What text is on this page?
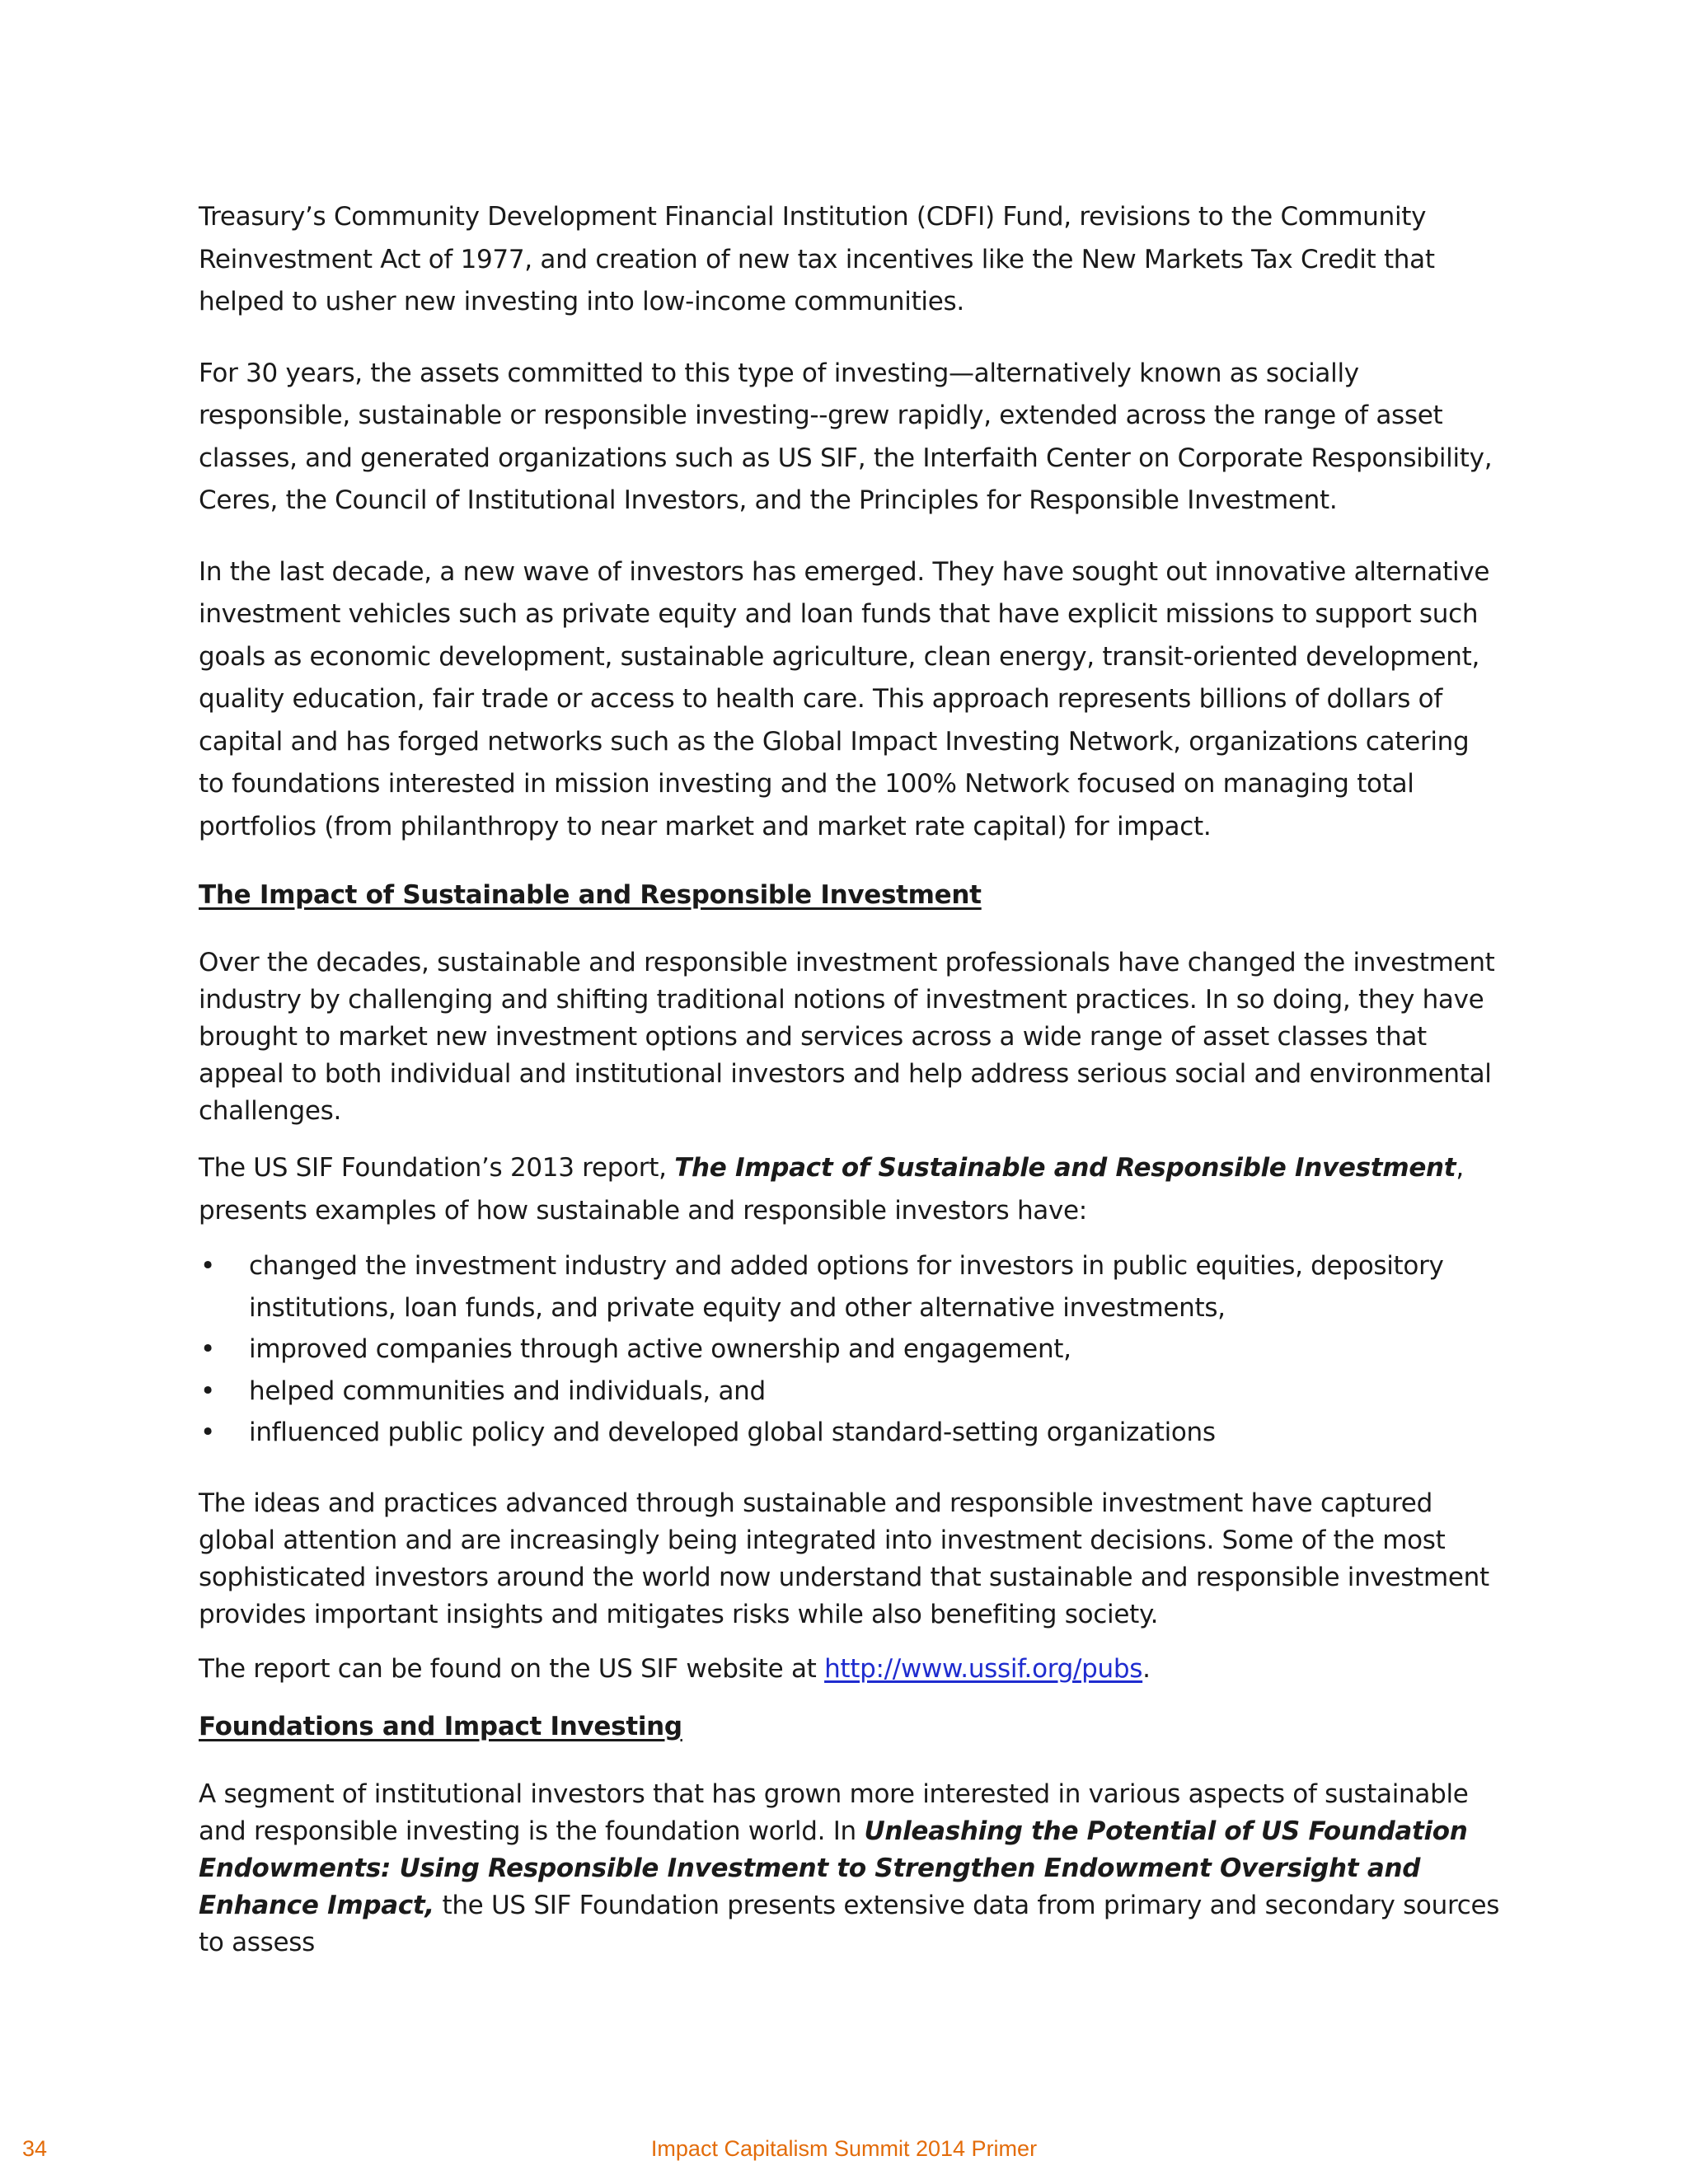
Treasury’s Community Development Financial Institution (CDFI) Fund, revisions to the Community Reinvestment Act of 1977, and creation of new tax incentives like the New Markets Tax Credit that helped to usher new investing into low-income communities.

For 30 years, the assets committed to this type of investing—alternatively known as socially responsible, sustainable or responsible investing--grew rapidly, extended across the range of asset classes, and generated organizations such as US SIF, the Interfaith Center on Corporate Responsibility, Ceres, the Council of Institutional Investors, and the Principles for Responsible Investment.

In the last decade, a new wave of investors has emerged. They have sought out innovative alternative investment vehicles such as private equity and loan funds that have explicit missions to support such goals as economic development, sustainable agriculture, clean energy, transit-oriented development, quality education, fair trade or access to health care. This approach represents billions of dollars of capital and has forged networks such as the Global Impact Investing Network, organizations catering to foundations interested in mission investing and the 100% Network focused on managing total portfolios (from philanthropy to near market and market rate capital) for impact.

The Impact of Sustainable and Responsible Investment

Over the decades, sustainable and responsible investment professionals have changed the investment industry by challenging and shifting traditional notions of investment practices. In so doing, they have brought to market new investment options and services across a wide range of asset classes that appeal to both individual and institutional investors and help address serious social and environmental challenges.

The US SIF Foundation’s 2013 report, The Impact of Sustainable and Responsible Investment, presents examples of how sustainable and responsible investors have:

• changed the investment industry and added options for investors in public equities, depository institutions, loan funds, and private equity and other alternative investments,
• improved companies through active ownership and engagement,
• helped communities and individuals, and
• influenced public policy and developed global standard-setting organizations

The ideas and practices advanced through sustainable and responsible investment have captured global attention and are increasingly being integrated into investment decisions. Some of the most sophisticated investors around the world now understand that sustainable and responsible investment provides important insights and mitigates risks while also benefiting society.

The report can be found on the US SIF website at http://www.ussif.org/pubs.

Foundations and Impact Investing

A segment of institutional investors that has grown more interested in various aspects of sustainable and responsible investing is the foundation world. In Unleashing the Potential of US Foundation Endowments: Using Responsible Investment to Strengthen Endowment Oversight and Enhance Impact, the US SIF Foundation presents extensive data from primary and secondary sources to assess

Impact Capitalism Summit 2014 Primer
34
